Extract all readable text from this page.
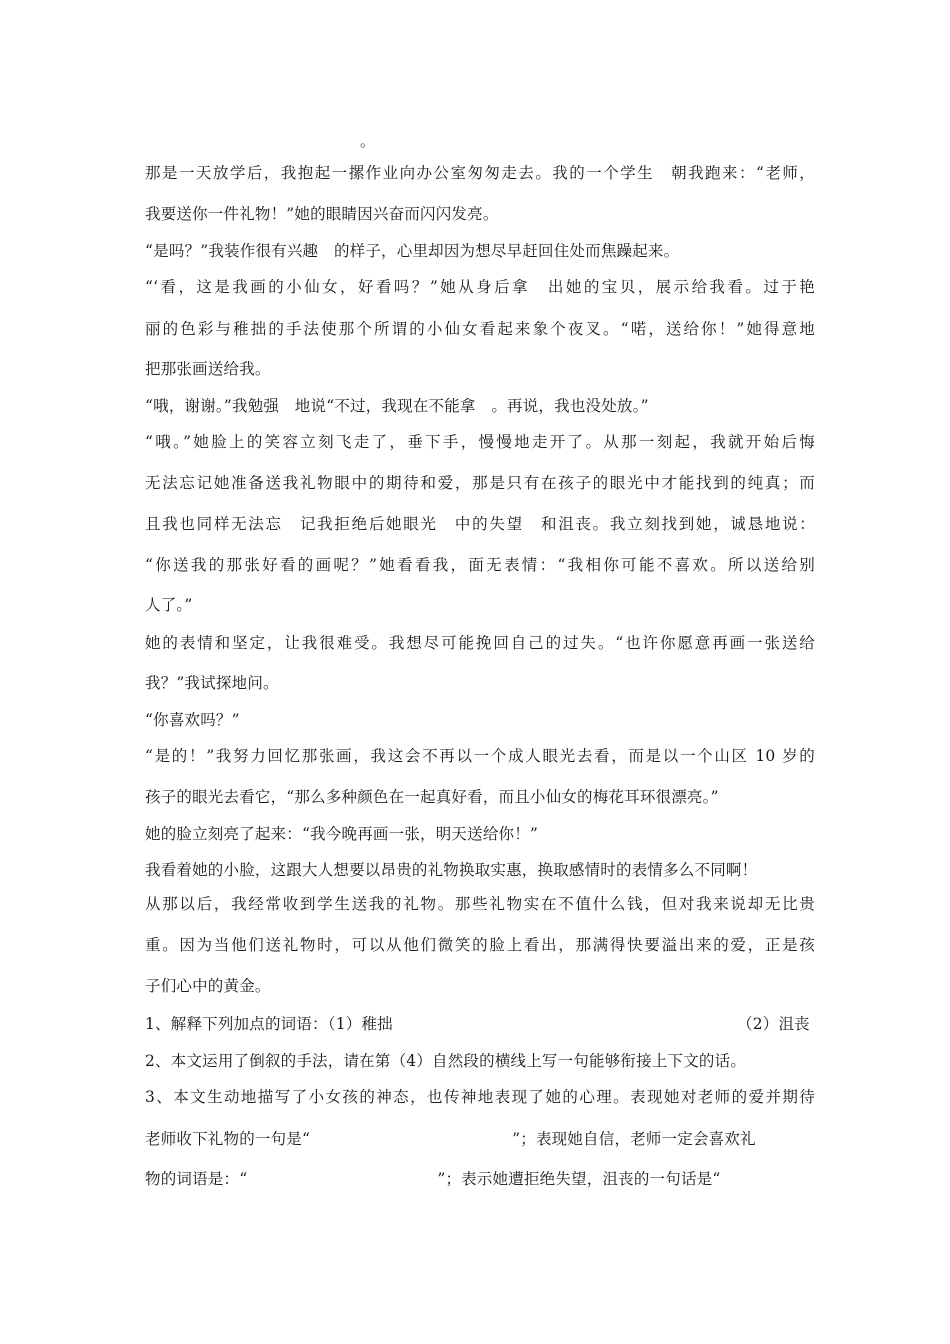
。
那是一天放学后，我抱起一摞作业向办公室匆匆走去。我的一个学生　朝我跑来：“老师，
我要送你一件礼物！”她的眼睛因兴奋而闪闪发亮。
“是吗？”我装作很有兴趣　的样子，心里却因为想尽早赶回住处而焦躁起来。
“‘看，这是我画的小仙女，好看吗？”她从身后拿　出她的宝贝，展示给我看。过于艳
丽的色彩与稚拙的手法使那个所谓的小仙女看起来象个夜叉。“喏，送给你！”她得意地
把那张画送给我。
“哦，谢谢。”我勉强　地说“不过，我现在不能拿　。再说，我也没处放。”
“哦。”她脸上的笑容立刻飞走了，垂下手，慢慢地走开了。从那一刻起，我就开始后悔
无法忘记她准备送我礼物眼中的期待和爱，那是只有在孩子的眼光中才能找到的纯真；而
且我也同样无法忘　记我拒绝后她眼光　中的失望　和沮丧。我立刻找到她，诚恳地说：
“你送我的那张好看的画呢？”她看看我，面无表情：“我相你可能不喜欢。所以送给别
人了。”
她的表情和坚定，让我很难受。我想尽可能挽回自己的过失。“也许你愿意再画一张送给
我？”我试探地问。
“你喜欢吗？”
“是的！”我努力回忆那张画，我这会不再以一个成人眼光去看，而是以一个山区 10 岁的
孩子的眼光去看它，“那么多种颜色在一起真好看，而且小仙女的梅花耳环很漂亮。”
她的脸立刻亮了起来：“我今晚再画一张，明天送给你！”
我看着她的小脸，这跟大人想要以昂贵的礼物换取实惠，换取感情时的表情多么不同啊！
从那以后，我经常收到学生送我的礼物。那些礼物实在不值什么钱，但对我来说却无比贵
重。因为当他们送礼物时，可以从他们微笑的脸上看出，那满得快要溢出来的爱，正是孩
子们心中的黄金。
1、解释下列加点的词语：（1）稚拙	（2）沮丧
2、本文运用了倒叙的手法，请在第（4）自然段的横线上写一句能够衔接上下文的话。
3、本文生动地描写了小女孩的神态，也传神地表现了她的心理。表现她对老师的爱并期待
老师收下礼物的一句是“	”；表现她自信，老师一定会喜欢礼
物的词语是：“	”；表示她遭拒绝失望，沮丧的一句话是“
